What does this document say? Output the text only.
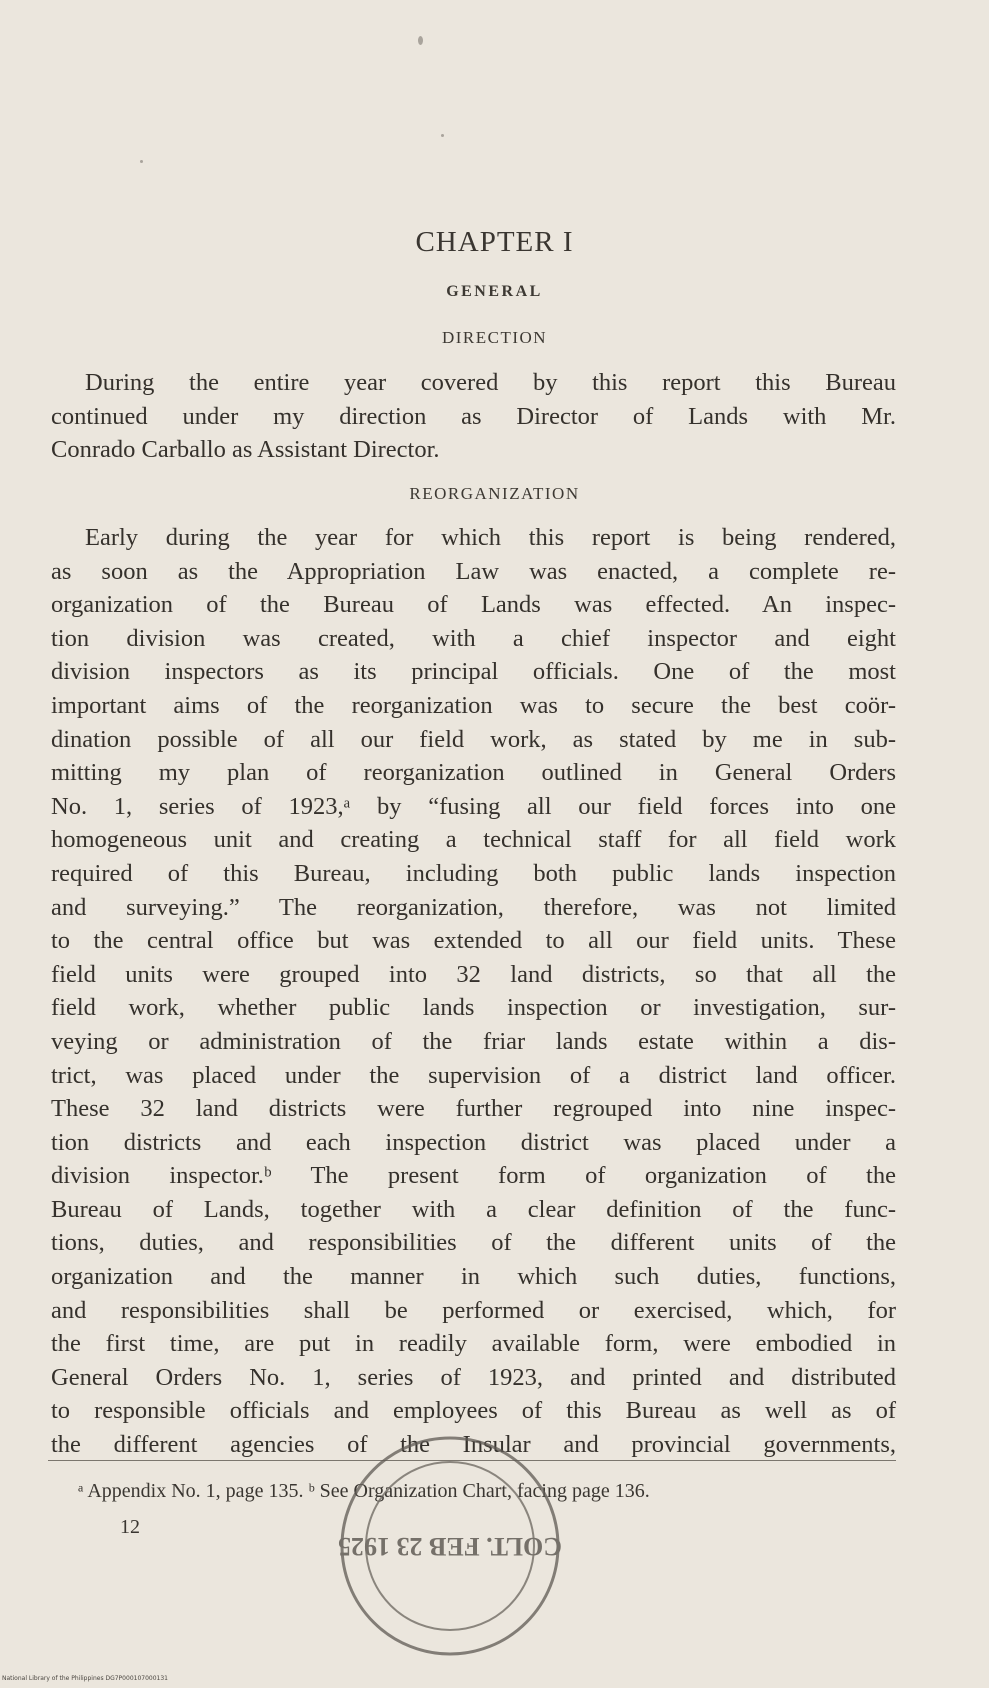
CHAPTER I
GENERAL
DIRECTION
During the entire year covered by this report this Bureau
continued under my direction as Director of Lands with Mr.
Conrado Carballo as Assistant Director.
REORGANIZATION
Early during the year for which this report is being rendered,
as soon as the Appropriation Law was enacted, a complete re-
organization of the Bureau of Lands was effected. An inspec-
tion division was created, with a chief inspector and eight
division inspectors as its principal officials. One of the most
important aims of the reorganization was to secure the best coör-
dination possible of all our field work, as stated by me in sub-
mitting my plan of reorganization outlined in General Orders
No. 1, series of 1923,ᵃ by “fusing all our field forces into one
homogeneous unit and creating a technical staff for all field work
required of this Bureau, including both public lands inspection
and surveying.” The reorganization, therefore, was not limited
to the central office but was extended to all our field units. These
field units were grouped into 32 land districts, so that all the
field work, whether public lands inspection or investigation, sur-
veying or administration of the friar lands estate within a dis-
trict, was placed under the supervision of a district land officer.
These 32 land districts were further regrouped into nine inspec-
tion districts and each inspection district was placed under a
division inspector.ᵇ The present form of organization of the
Bureau of Lands, together with a clear definition of the func-
tions, duties, and responsibilities of the different units of the
organization and the manner in which such duties, functions,
and responsibilities shall be performed or exercised, which, for
the first time, are put in readily available form, were embodied in
General Orders No. 1, series of 1923, and printed and distributed
to responsible officials and employees of this Bureau as well as of
the different agencies of the Insular and provincial governments,
ᵃ Appendix No. 1, page 135. ᵇ See Organization Chart, facing page 136.
12
COLT. FEB 23 1925
National Library of the Philippines DG7P000107000131
